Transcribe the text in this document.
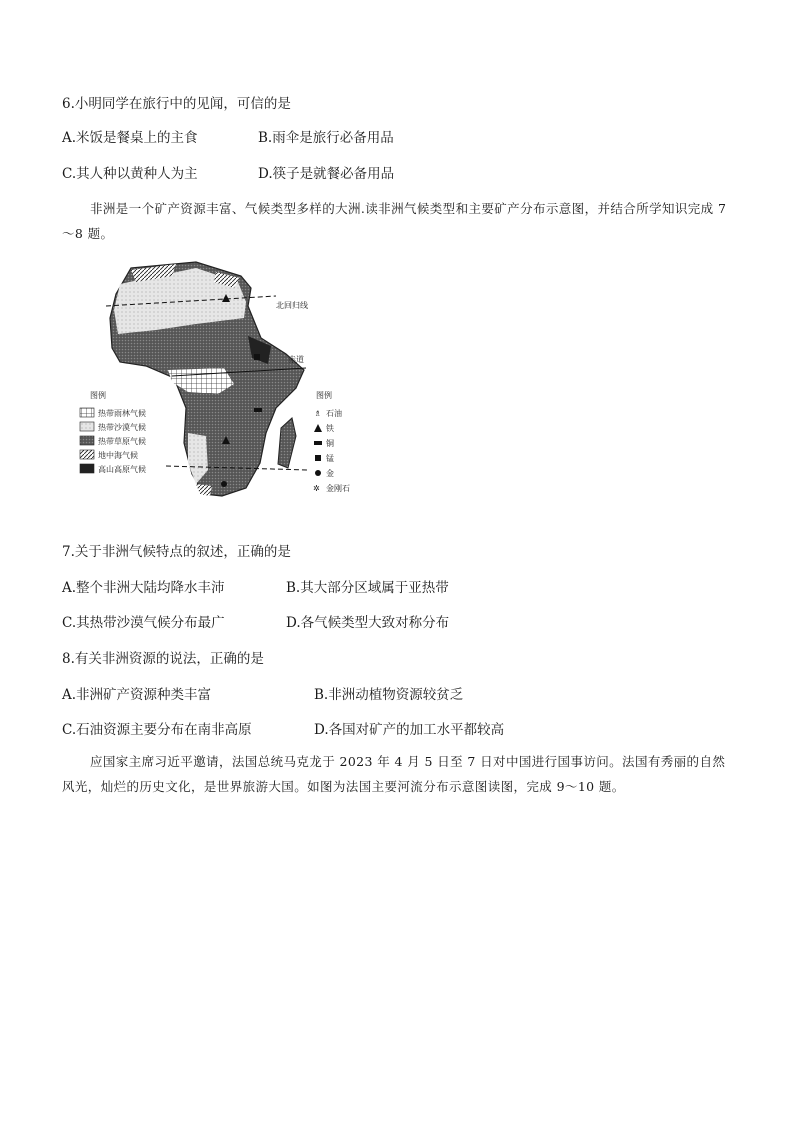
6.小明同学在旅行中的见闻，可信的是
A.米饭是餐桌上的主食	B.雨伞是旅行必备用品
C.其人种以黄种人为主	D.筷子是就餐必备用品
非洲是一个矿产资源丰富、气候类型多样的大洲.读非洲气候类型和主要矿产分布示意图，并结合所学知识完成 7～8 题。
北回归线
赤道
图例
热带雨林气候
热带沙漠气候
热带草原气候
地中海气候
高山高原气候
图例
♗ 石油
铁
铜
锰
金
✲ 金刚石
7.关于非洲气候特点的叙述，正确的是
A.整个非洲大陆均降水丰沛	B.其大部分区域属于亚热带
C.其热带沙漠气候分布最广	D.各气候类型大致对称分布
8.有关非洲资源的说法，正确的是
A.非洲矿产资源种类丰富	B.非洲动植物资源较贫乏
C.石油资源主要分布在南非高原	D.各国对矿产的加工水平都较高
应国家主席习近平邀请，法国总统马克龙于 2023 年 4 月 5 日至 7 日对中国进行国事访问。法国有秀丽的自然风光，灿烂的历史文化，是世界旅游大国。如图为法国主要河流分布示意图读图，完成 9～10 题。
